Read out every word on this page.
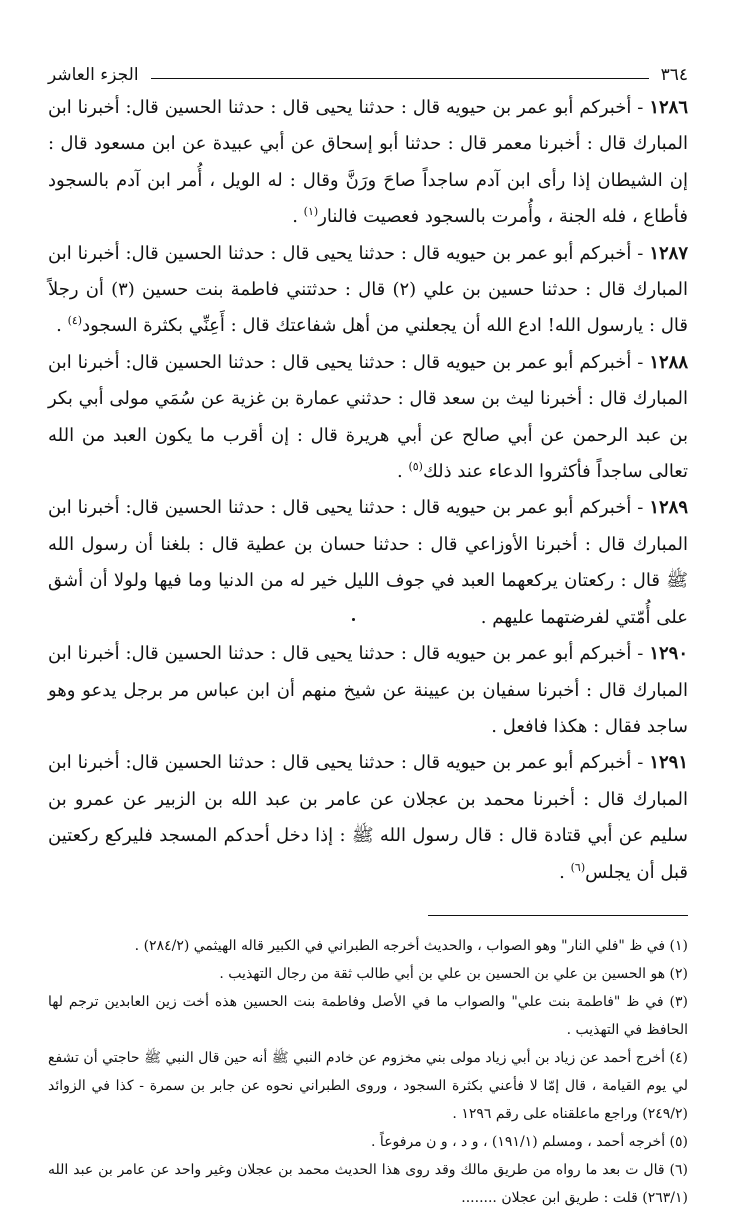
٣٦٤
الجزء العاشر

١٢٨٦ - أخبركم أبو عمر بن حيويه قال : حدثنا يحيى قال : حدثنا الحسين قال: أخبرنا ابن المبارك قال : أخبرنا معمر قال : حدثنا أبو إسحاق عن أبي عبيدة عن ابن مسعود قال : إن الشيطان إذا رأى ابن آدم ساجداً صاحَ ورَنَّ وقال : له الويل ، أُمر ابن آدم بالسجود فأطاع ، فله الجنة ، وأُمرت بالسجود فعصيت فالنار$^{(١)}$ .

١٢٨٧ - أخبركم أبو عمر بن حيويه قال : حدثنا يحيى قال : حدثنا الحسين قال: أخبرنا ابن المبارك قال : حدثنا حسين بن علي (٢) قال : حدثتني فاطمة بنت حسين (٣) أن رجلاً قال : يارسول الله! ادع الله أن يجعلني من أهل شفاعتك قال : أَعِنِّي بكثرة السجود$^{(٤)}$ .

١٢٨٨ - أخبركم أبو عمر بن حيويه قال : حدثنا يحيى قال : حدثنا الحسين قال: أخبرنا ابن المبارك قال : أخبرنا ليث بن سعد قال : حدثني عمارة بن غزية عن سُمَي مولى أبي بكر بن عبد الرحمن عن أبي صالح عن أبي هريرة قال : إن أقرب ما يكون العبد من الله تعالى ساجداً فأكثروا الدعاء عند ذلك$^{(٥)}$ .

١٢٨٩ - أخبركم أبو عمر بن حيويه قال : حدثنا يحيى قال : حدثنا الحسين قال: أخبرنا ابن المبارك قال : أخبرنا الأوزاعي قال : حدثنا حسان بن عطية قال : بلغنا أن رسول الله ﷺ قال : ركعتان يركعهما العبد في جوف الليل خير له من الدنيا وما فيها ولولا أن أشق على أُمّتي لفرضتهما عليهم .

١٢٩٠ - أخبركم أبو عمر بن حيويه قال : حدثنا يحيى قال : حدثنا الحسين قال: أخبرنا ابن المبارك قال : أخبرنا سفيان بن عيينة عن شيخ منهم أن ابن عباس مر برجل يدعو وهو ساجد فقال : هكذا فافعل .

١٢٩١ - أخبركم أبو عمر بن حيويه قال : حدثنا يحيى قال : حدثنا الحسين قال: أخبرنا ابن المبارك قال : أخبرنا محمد بن عجلان عن عامر بن عبد الله بن الزبير عن عمرو بن سليم عن أبي قتادة قال : قال رسول الله ﷺ : إذا دخل أحدكم المسجد فليركع ركعتين قبل أن يجلس$^{(٦)}$ .

(١) في ظ "فلي النار" وهو الصواب ، والحديث أخرجه الطبراني في الكبير قاله الهيثمي (٢٨٤/٢) .

(٢) هو الحسين بن علي بن الحسين بن علي بن أبي طالب ثقة من رجال التهذيب .

(٣) في ظ "فاطمة بنت علي" والصواب ما في الأصل وفاطمة بنت الحسين هذه أخت زين العابدين ترجم لها الحافظ في التهذيب .

(٤) أخرج أحمد عن زياد بن أبي زياد مولى بني مخزوم عن خادم النبي ﷺ أنه حين قال النبي ﷺ حاجتي أن تشفع لي يوم القيامة ، قال إمّا لا فأعني بكثرة السجود ، وروى الطبراني نحوه عن جابر بن سمرة - كذا في الزوائد (٢٤٩/٢) وراجع ماعلقناه على رقم ١٢٩٦ .

(٥) أخرجه أحمد ، ومسلم (١٩١/١) ، و د ، و ن مرفوعاً .

(٦) قال ت بعد ما رواه من طريق مالك وقد روى هذا الحديث محمد بن عجلان وغير واحد عن عامر بن عبد الله (٢٦٣/١) قلت : طريق ابن عجلان ........
